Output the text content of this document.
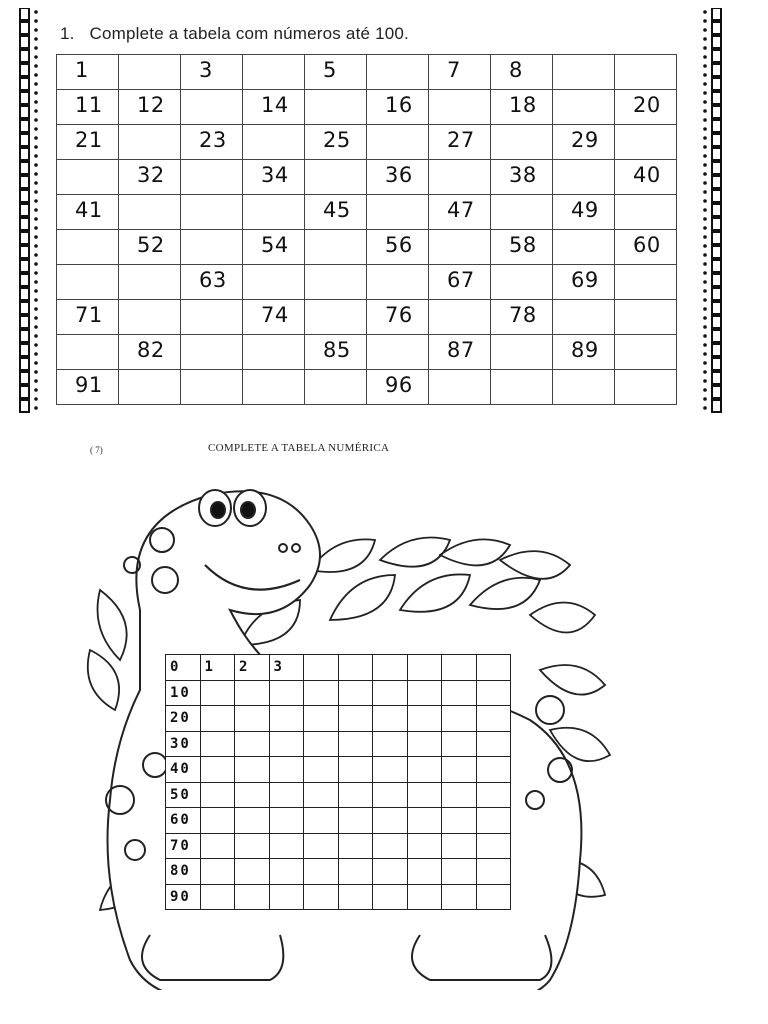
1. Complete a tabela com números até 100.
1		3		5		7	8		
11	12		14		16		18		20
21		23		25		27		29	
	32		34		36		38		40
41				45		47		49	
	52		54		56		58		60
		63				67		69	
71			74		76		78		
	82			85		87		89	
91					96				
( 7)	COMPLETE A TABELA NUMÉRICA
0	1	2	3						
10									
20									
30									
40									
50									
60									
70									
80									
90									
